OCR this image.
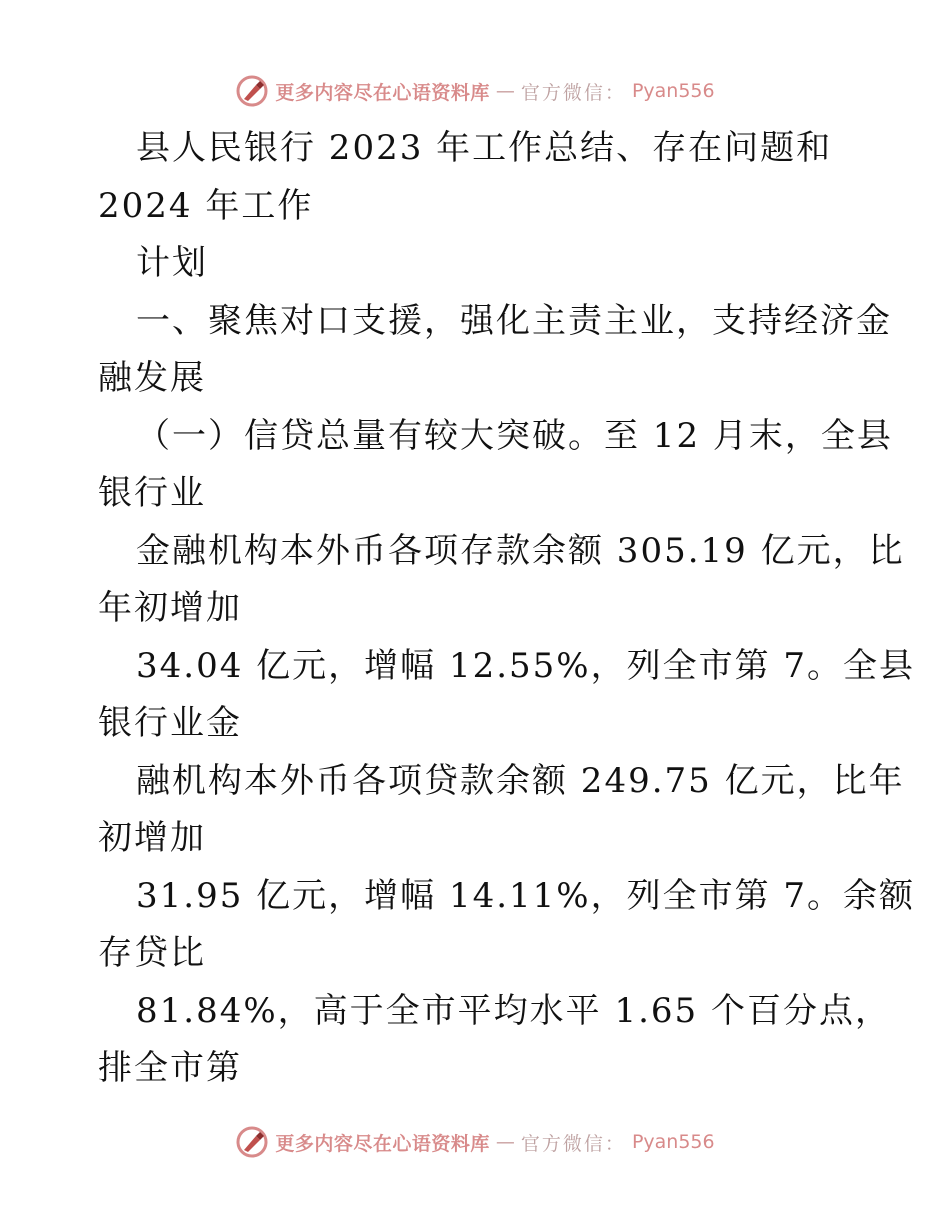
更多内容尽在心语资料库 — 官方微信： Pyan556
县人民银行 2023 年工作总结、存在问题和
2024 年工作
计划
一、聚焦对口支援，强化主责主业，支持经济金
融发展
（一）信贷总量有较大突破。至 12 月末，全县
银行业
金融机构本外币各项存款余额 305.19 亿元，比
年初增加
34.04 亿元，增幅 12.55%，列全市第 7。全县
银行业金
融机构本外币各项贷款余额 249.75 亿元，比年
初增加
31.95 亿元，增幅 14.11%，列全市第 7。余额
存贷比
81.84%，高于全市平均水平 1.65 个百分点，
排全市第
更多内容尽在心语资料库 — 官方微信： Pyan556
